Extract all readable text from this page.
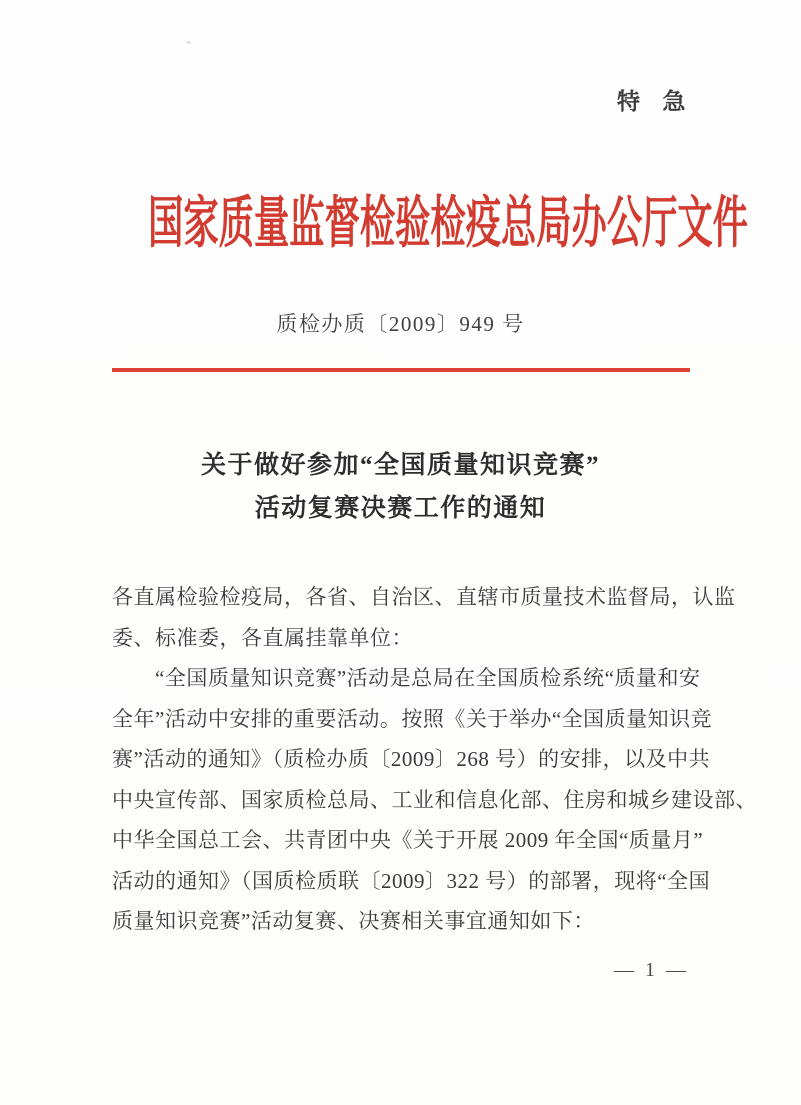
特 急
国家质量监督检验检疫总局办公厅文件
质检办质〔2009〕949 号
关于做好参加“全国质量知识竞赛”
活动复赛决赛工作的通知
各直属检验检疫局，各省、自治区、直辖市质量技术监督局，认监
委、标准委，各直属挂靠单位：
“全国质量知识竞赛”活动是总局在全国质检系统“质量和安
全年”活动中安排的重要活动。按照《关于举办“全国质量知识竞
赛”活动的通知》（质检办质〔2009〕268 号）的安排，以及中共
中央宣传部、国家质检总局、工业和信息化部、住房和城乡建设部、
中华全国总工会、共青团中央《关于开展 2009 年全国“质量月”
活动的通知》（国质检质联〔2009〕322 号）的部署，现将“全国
质量知识竞赛”活动复赛、决赛相关事宜通知如下：
— 1 —
